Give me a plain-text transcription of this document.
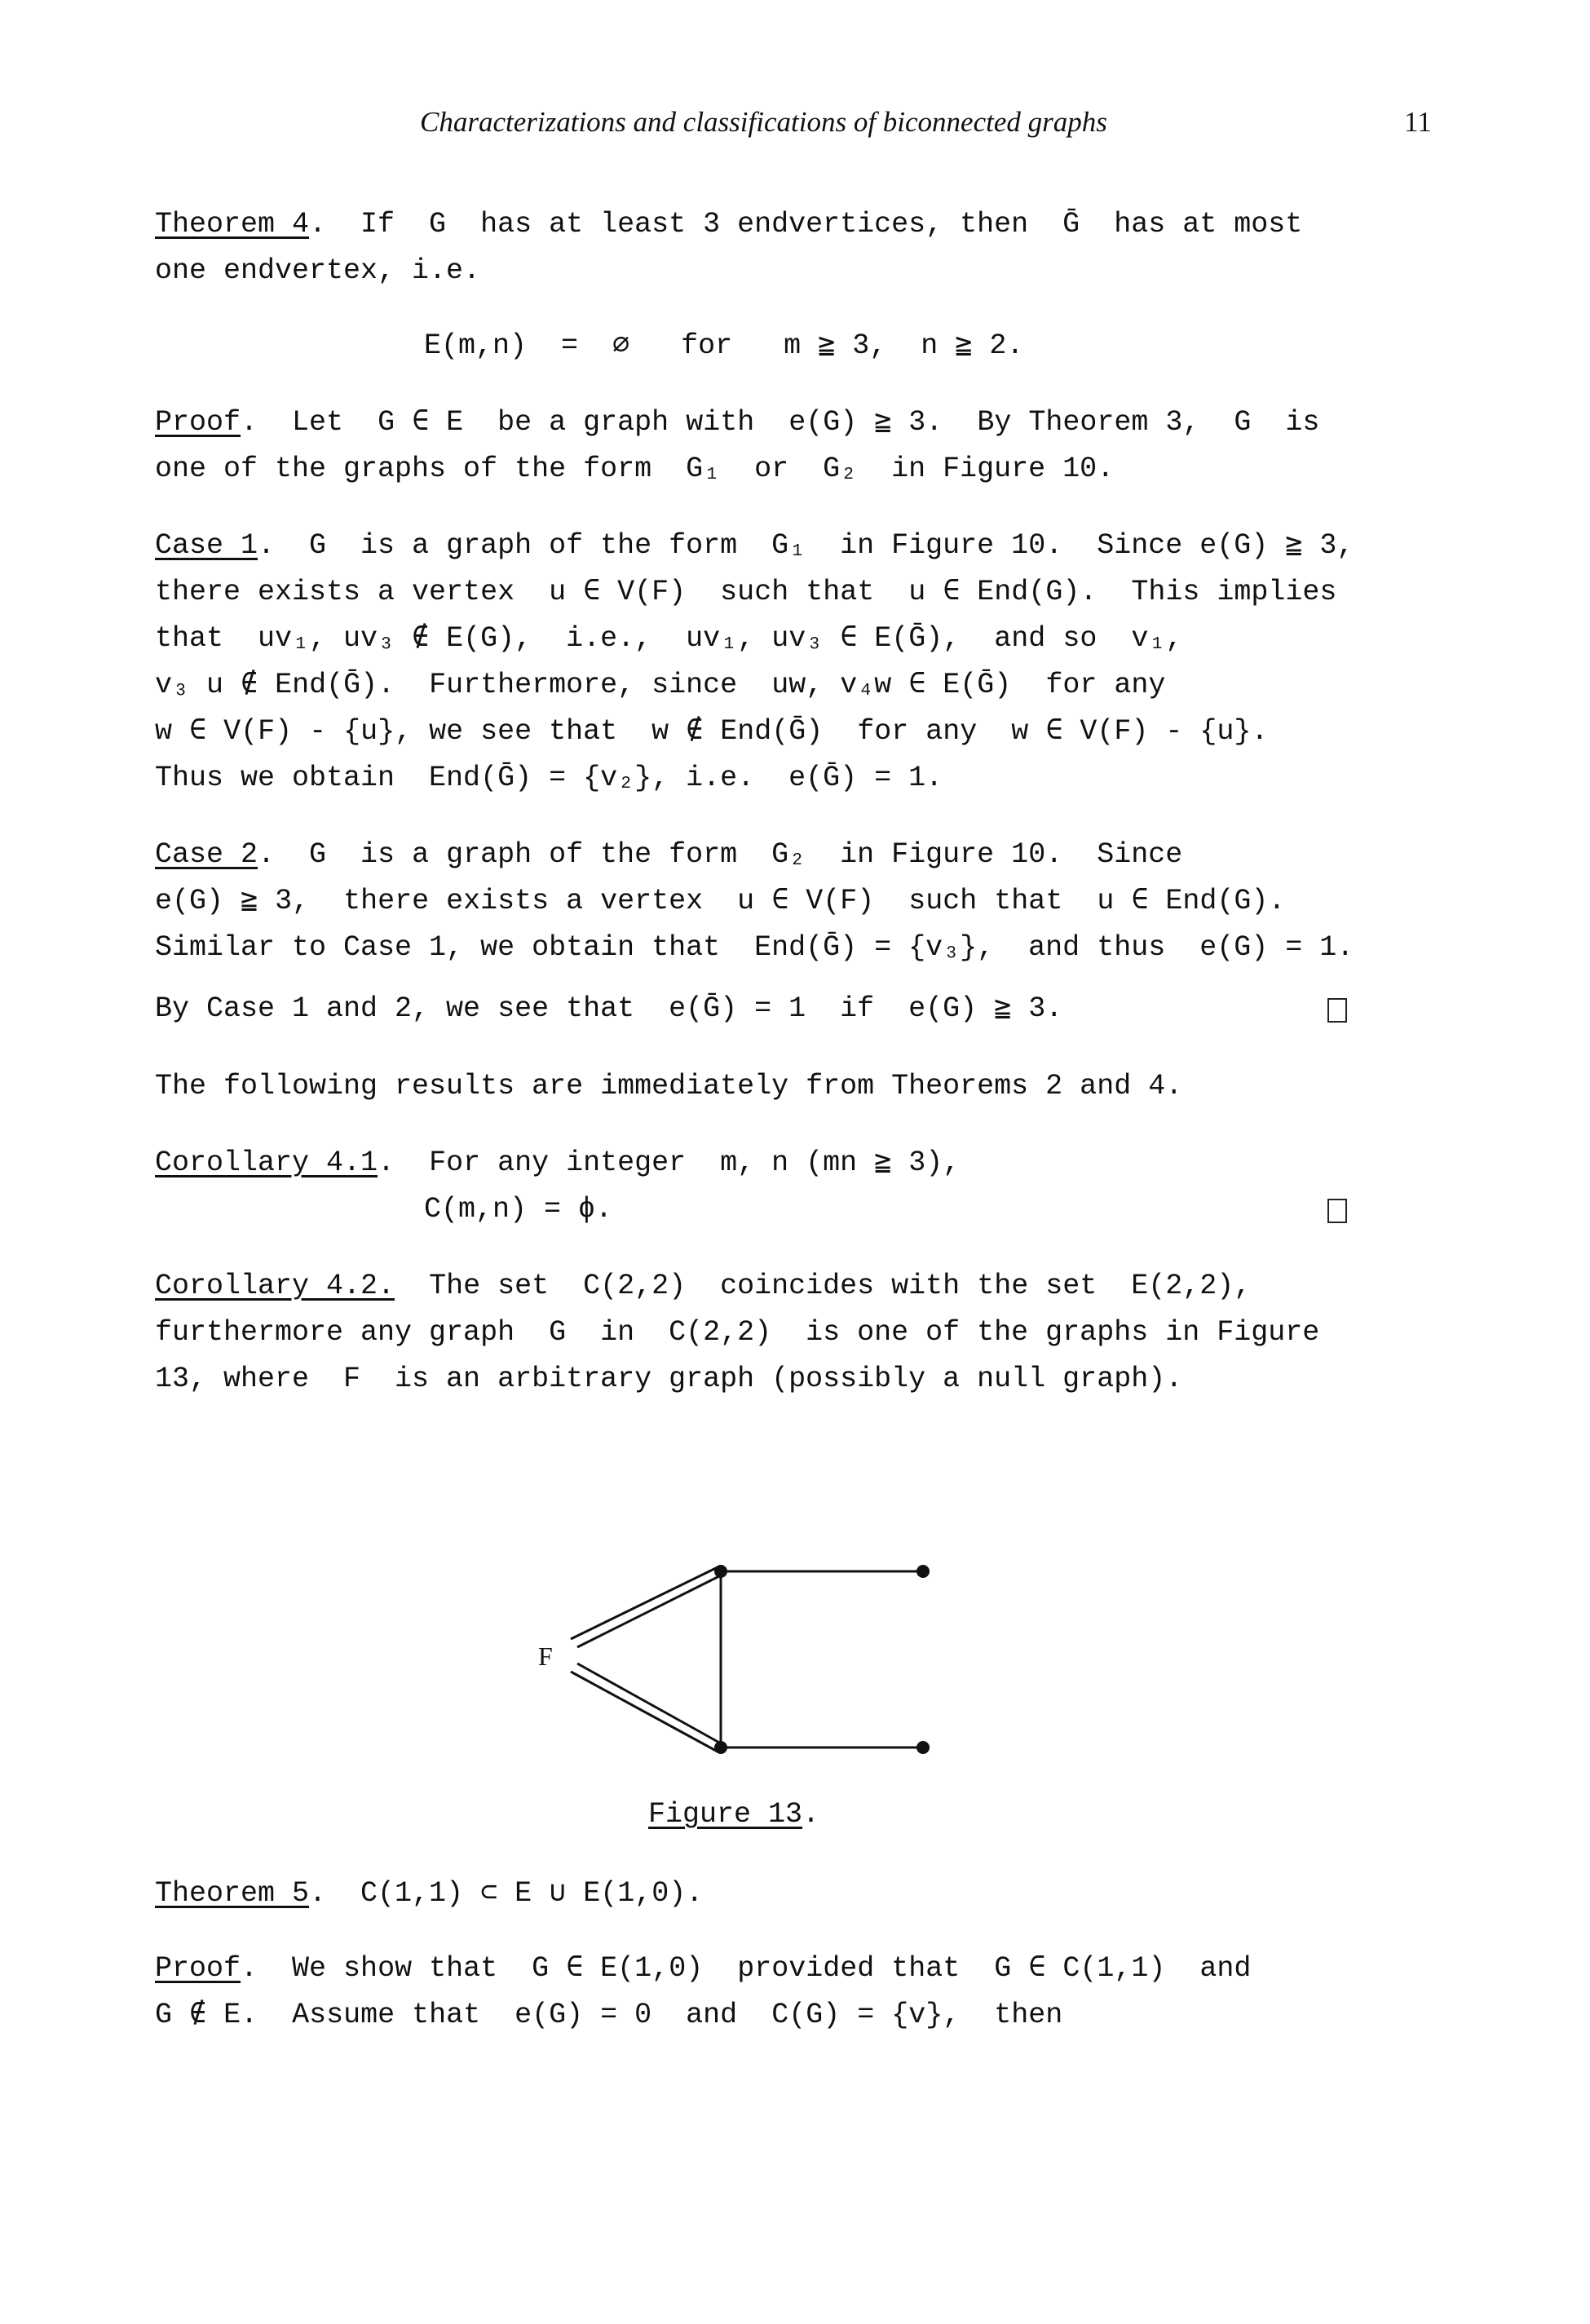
Characterizations and classifications of biconnected graphs	11
Theorem 4.  If  G  has at least 3 endvertices, then  Ḡ  has at most
one endvertex, i.e.
E(m,n)  =  ∅   for   m ≧ 3,  n ≧ 2.
Proof.  Let  G ∈ E  be a graph with  e(G) ≧ 3.  By Theorem 3,  G  is
one of the graphs of the form  G₁  or  G₂  in Figure 10.
Case 1.  G  is a graph of the form  G₁  in Figure 10.  Since e(G) ≧ 3,
there exists a vertex  u ∈ V(F)  such that  u ∈ End(G).  This implies
that  uv₁, uv₃ ∉ E(G),  i.e.,  uv₁, uv₃ ∈ E(Ḡ),  and so  v₁,
v₃ u ∉ End(Ḡ).  Furthermore, since  uw, v₄w ∈ E(Ḡ)  for any
w ∈ V(F) - {u}, we see that  w ∉ End(Ḡ)  for any  w ∈ V(F) - {u}.
Thus we obtain  End(Ḡ) = {v₂}, i.e.  e(Ḡ) = 1.
Case 2.  G  is a graph of the form  G₂  in Figure 10.  Since
e(G) ≧ 3,  there exists a vertex  u ∈ V(F)  such that  u ∈ End(G).
Similar to Case 1, we obtain that  End(Ḡ) = {v₃},  and thus  e(G) = 1.
By Case 1 and 2, we see that  e(Ḡ) = 1  if  e(G) ≧ 3.
The following results are immediately from Theorems 2 and 4.
Corollary 4.1.  For any integer  m, n (mn ≧ 3),
C(m,n) = ϕ.
Corollary 4.2. The set  C(2,2)  coincides with the set  E(2,2),
furthermore any graph  G  in  C(2,2)  is one of the graphs in Figure
13, where  F  is an arbitrary graph (possibly a null graph).
F
Figure 13.
Theorem 5.  C(1,1) ⊂ E ∪ E(1,0).
Proof.  We show that  G ∈ E(1,0)  provided that  G ∈ C(1,1)  and
G ∉ E.  Assume that  e(G) = 0  and  C(G) = {v},  then
